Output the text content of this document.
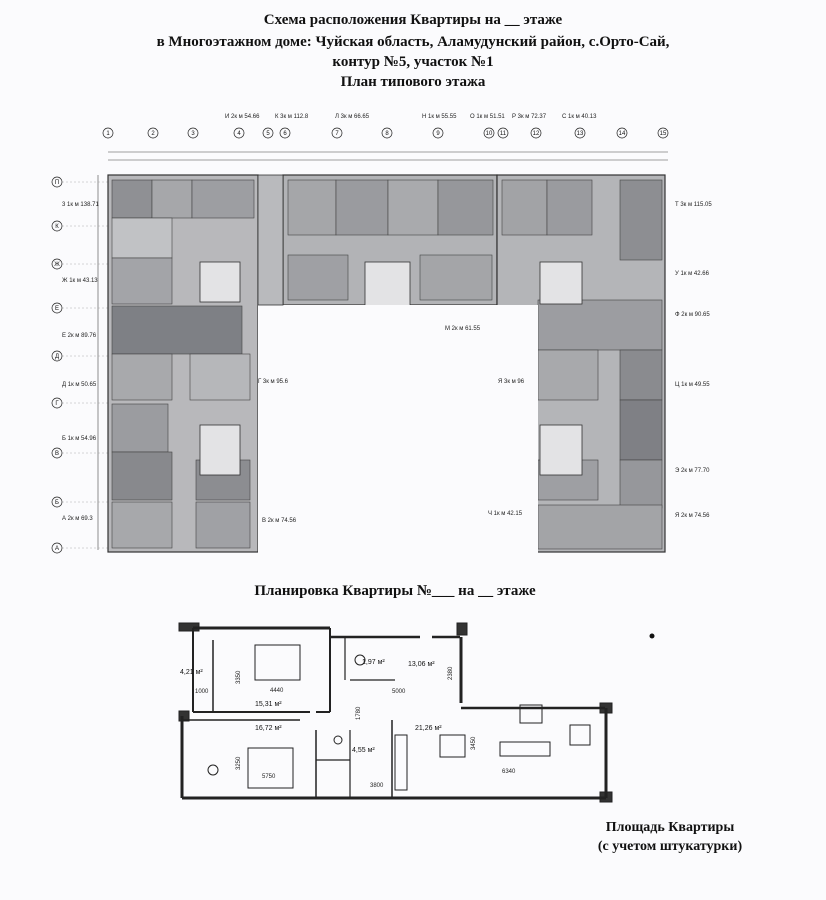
Схема расположения Квартиры на __ этаже
в Многоэтажном доме: Чуйская область, Аламудунский район, с.Орто-Сай,
контур №5, участок №1
План типового этажа
1	2	3	4	5 6	7	8	9	10 11	12	13	14	15
П
К
Ж
Е
Д
Г
В
Б
А
3 1к м 138.71
Ж 1к м 43.13
Е 2к м 89.76
Д 1к м 50.65
Б 1к м 54.96
А 2к м 69.3
И 2к м 54.66	К 3к м 112.8	Л 3к м 66.65	Н 1к м 55.55 О 1к м 51.51 Р 3к м 72.37	С 1к м 40.13
Г 3к м 95.6
Т 3к м 115.05
У 1к м 42.66
Ф 2к м 90.65
Ц 1к м 49.55
Э 2к м 77.70
Я 2к м 74.56
В 2к м 74.56
М 2к м 61.55
Я 3к м 96
Ч 1к м 42.15
4,21 м²
15,31 м²
1,97 м²	13,06 м²
16,72 м²	21,26 м²
4,55 м²
3350
4440
2380
5000
1780
3250
5750
3450
6340
1000
3800
Планировка Квартиры №___ на __ этаже
Площадь Квартиры
(с учетом штукатурки)
